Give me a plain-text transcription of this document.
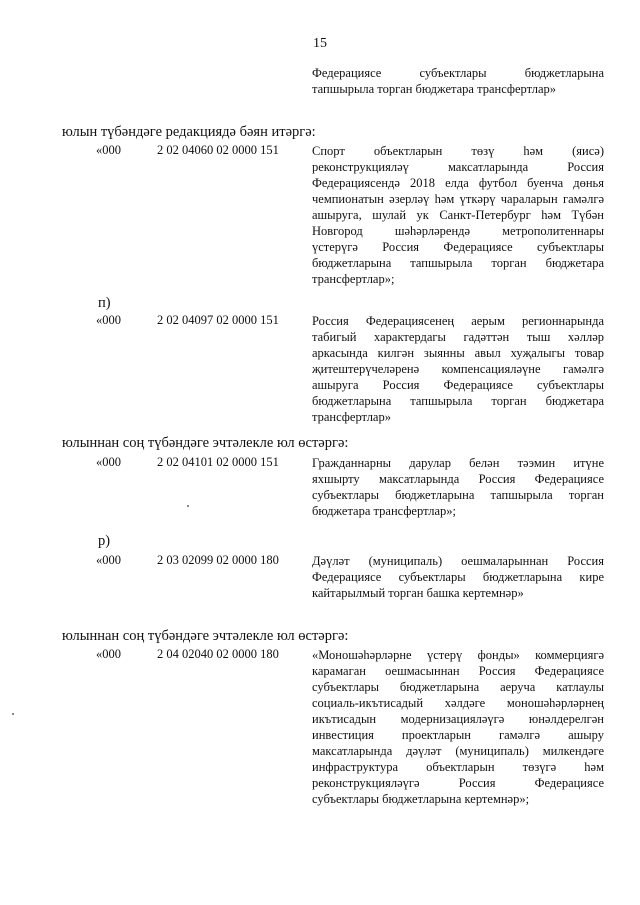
15
Федерациясе субъектлары бюджетларына
тапшырыла торган бюджетара трансфертлар»
юлын түбәндәге редакциядә бәян итәргә:
«000	2 02 04060 02 0000 151	Спорт объектларын төзү һәм (яисә)
реконструкцияләү максатларында Россия
Федерациясендә 2018 елда футбол буенча дөнья
чемпионатын әзерләү һәм үткәрү чараларын гамәлгә
ашыруга, шулай ук Санкт-Петербург һәм Түбән
Новгород шәһәрләрендә метрополитеннары
үстерүгә Россия Федерациясе субъектлары
бюджетларына тапшырыла торган бюджетара
трансфертлар»;
п)
«000	2 02 04097 02 0000 151	Россия Федерациясенең аерым регионнарында
табигый характердагы гадәттән тыш хәлләр
аркасында килгән зыянны авыл хуҗалыгы товар
җитештерүчеләренә компенсацияләүне гамәлгә
ашыруга Россия Федерациясе субъектлары
бюджетларына тапшырыла торган бюджетара
трансфертлар»
юлыннан соң түбәндәге эчтәлекле юл өстәргә:
«000	2 02 04101 02 0000 151	Гражданнарны дарулар белән тәэмин итүне
яхшырту максатларында Россия Федерациясе
субъектлары бюджетларына тапшырыла торган
бюджетара трансфертлар»;
р)
«000	2 03 02099 02 0000 180	Дәүләт (муниципаль) оешмаларыннан Россия
Федерациясе субъектлары бюджетларына кире кайтарылмый торган башка кертемнәр»
юлыннан соң түбәндәге эчтәлекле юл өстәргә:
«000	2 04 02040 02 0000 180	«Моношәһәрләрне үстерү фонды» коммерциягә
карамаган оешмасыннан Россия Федерациясе
субъектлары бюджетларына аеруча катлаулы
социаль-икътисадый хәлдәге моношәһәрләрнең
икътисадын модернизацияләүгә юнәлдерелгән
инвестиция проектларын гамәлгә ашыру
максатларында дәүләт (муниципаль) милкендәге
инфраструктура объектларын төзүгә һәм
реконструкцияләүгә Россия Федерациясе
субъектлары бюджетларына кертемнәр»;
